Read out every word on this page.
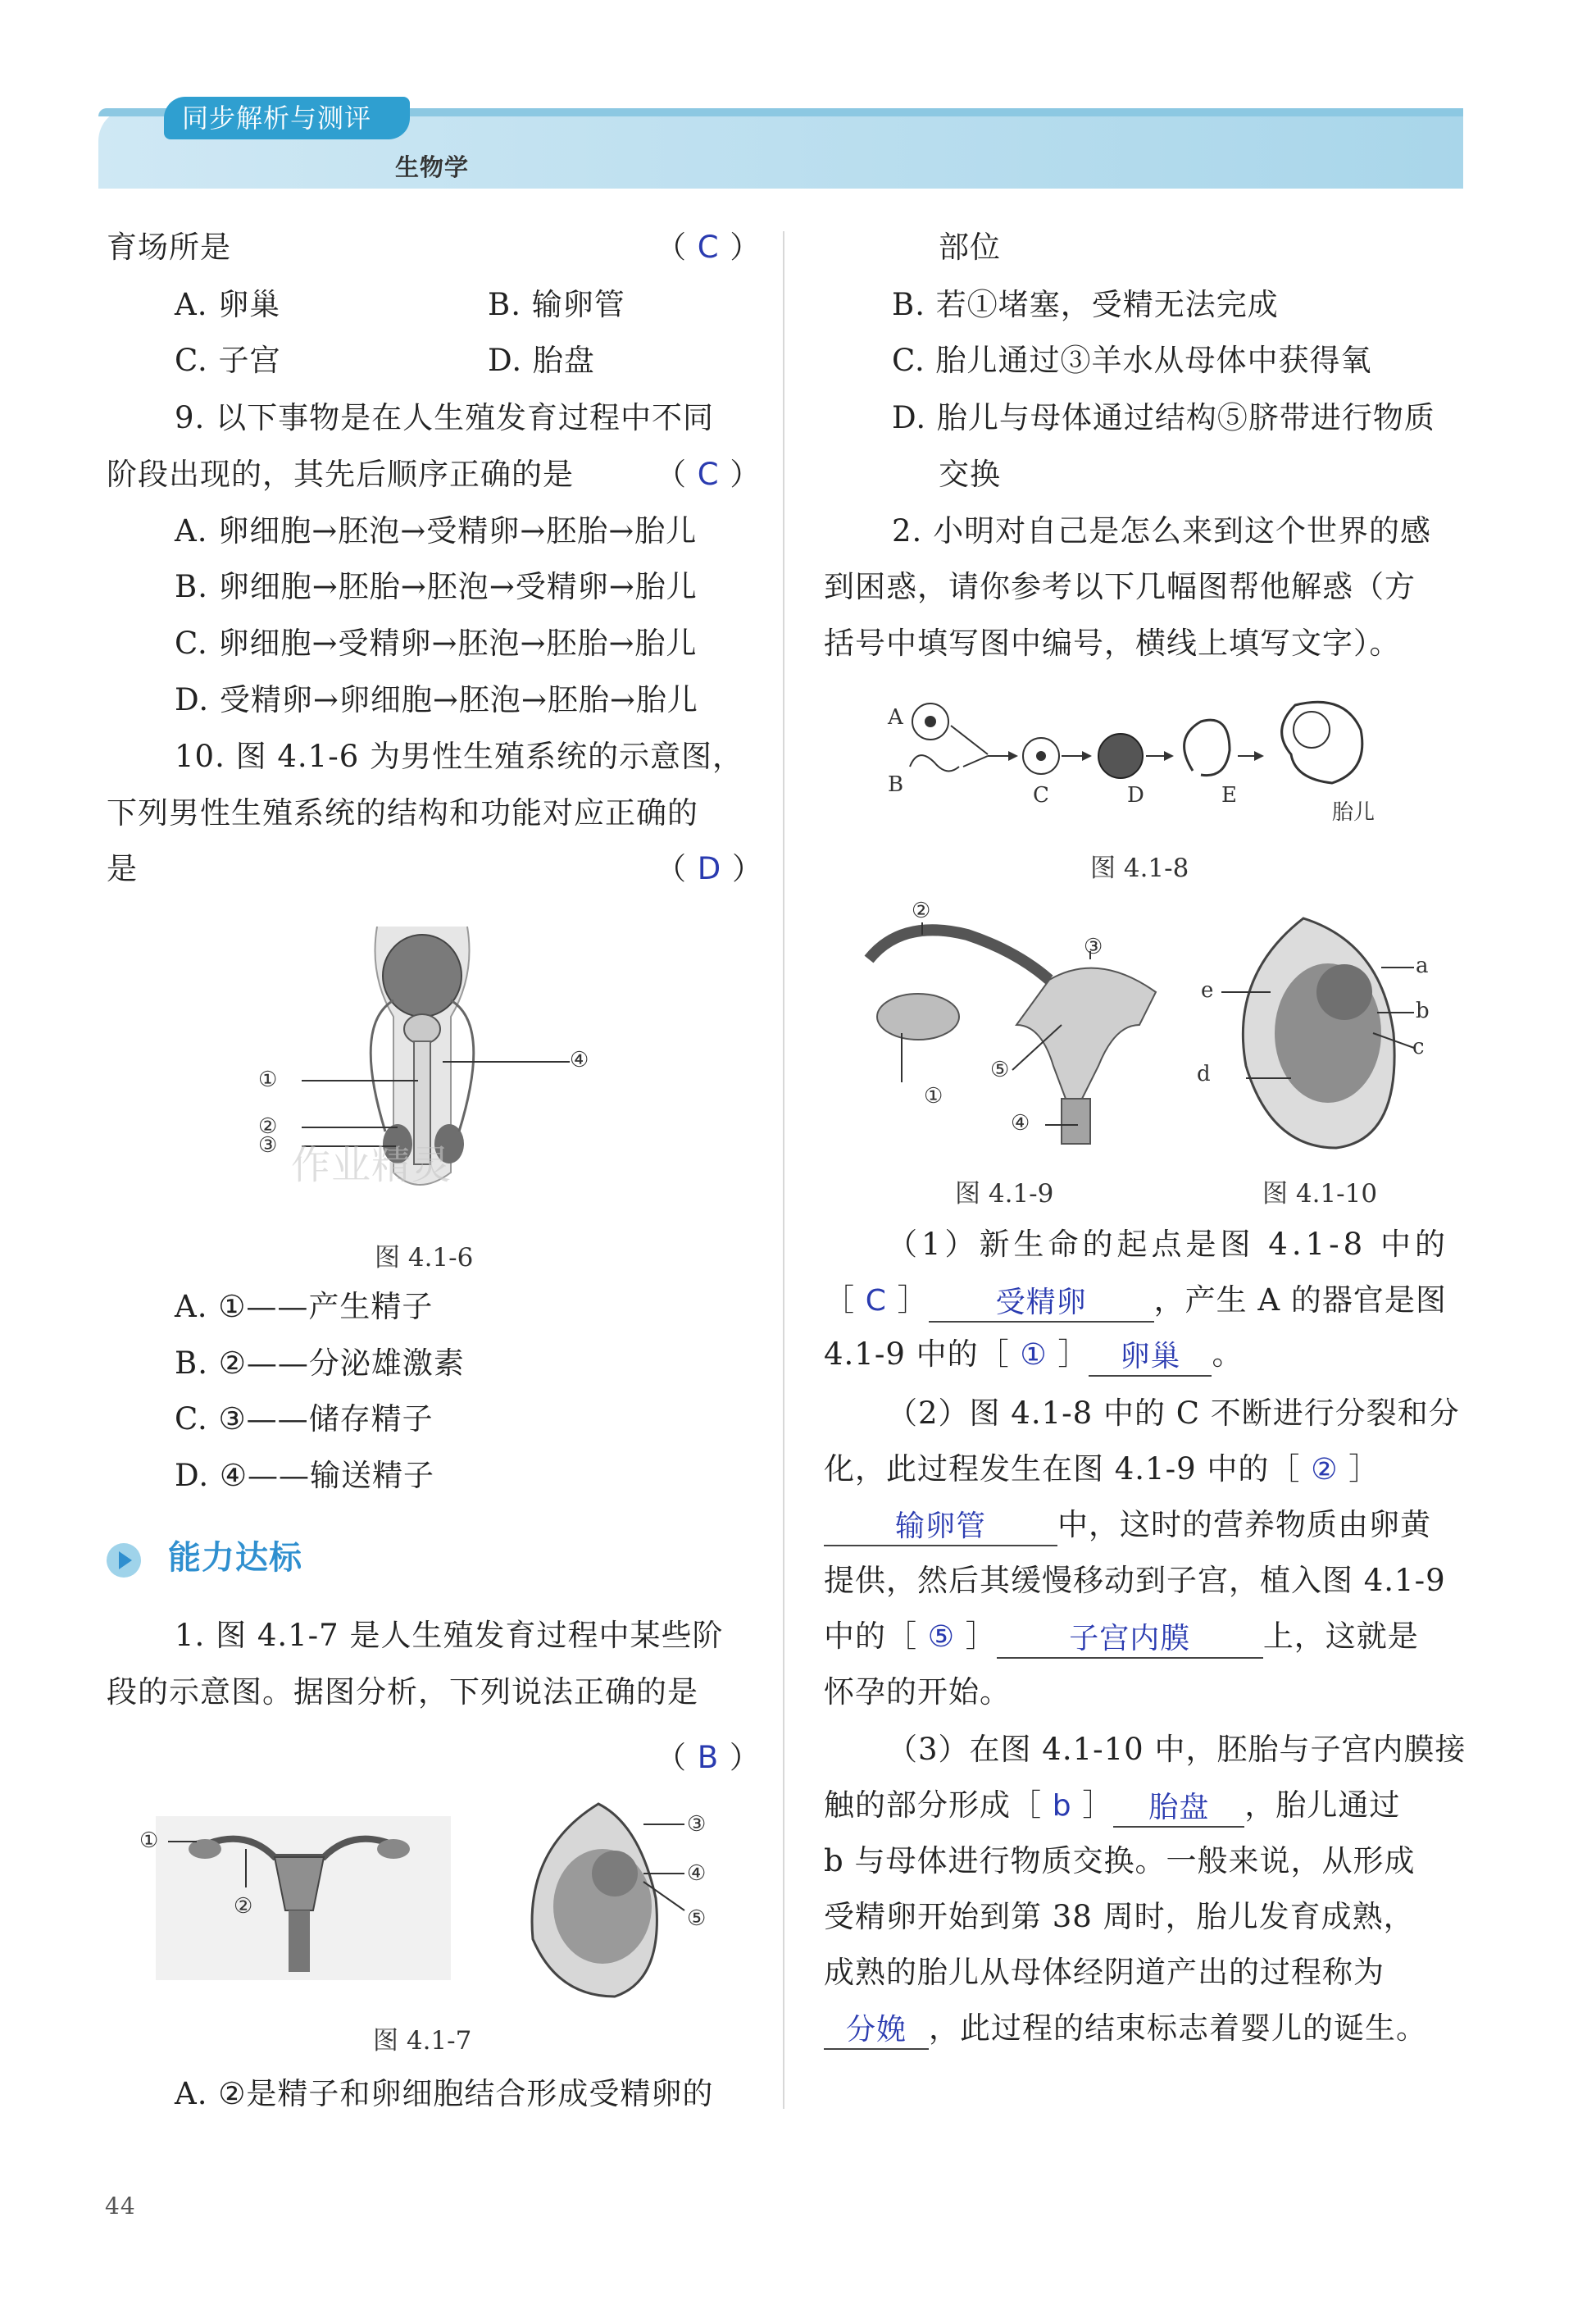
同步解析与测评
生物学
育场所是	（ C ）
A. 卵巢	B. 输卵管
C. 子宫	D. 胎盘
9. 以下事物是在人生殖发育过程中不同
阶段出现的，其先后顺序正确的是	（ C ）
A. 卵细胞→胚泡→受精卵→胚胎→胎儿
B. 卵细胞→胚胎→胚泡→受精卵→胎儿
C. 卵细胞→受精卵→胚泡→胚胎→胎儿
D. 受精卵→卵细胞→胚泡→胚胎→胎儿
10. 图 4.1-6 为男性生殖系统的示意图，
下列男性生殖系统的结构和功能对应正确的
是	（ D ）
①
②
③
④
作业精灵
图 4.1-6
A. ①——产生精子
B. ②——分泌雄激素
C. ③——储存精子
D. ④——输送精子
能力达标
1. 图 4.1-7 是人生殖发育过程中某些阶
段的示意图。据图分析，下列说法正确的是
（ B ）
①
②
③
④
⑤
图 4.1-7
A. ②是精子和卵细胞结合形成受精卵的
部位
B. 若①堵塞，受精无法完成
C. 胎儿通过③羊水从母体中获得氧
D. 胎儿与母体通过结构⑤脐带进行物质
交换
2. 小明对自己是怎么来到这个世界的感
到困惑，请你参考以下几幅图帮他解惑（方
括号中填写图中编号，横线上填写文字）。
A
B	C	D	E
胎儿
图 4.1-8
①
②
③
④
⑤
图 4.1-9
a
b
c
d
e
图 4.1-10
（1）新生命的起点是图 4.1-8 中的
［ C ］ 受精卵 ，产生 A 的器官是图
4.1-9 中的［ ① ］ 卵巢 。
（2）图 4.1-8 中的 C 不断进行分裂和分
化，此过程发生在图 4.1-9 中的［ ② ］
输卵管 中，这时的营养物质由卵黄
提供，然后其缓慢移动到子宫，植入图 4.1-9
中的［ ⑤ ］ 子宫内膜 上，这就是
怀孕的开始。
（3）在图 4.1-10 中，胚胎与子宫内膜接
触的部分形成［ b ］ 胎盘 ，胎儿通过
b 与母体进行物质交换。一般来说，从形成
受精卵开始到第 38 周时，胎儿发育成熟，
成熟的胎儿从母体经阴道产出的过程称为
分娩 ，此过程的结束标志着婴儿的诞生。
44
